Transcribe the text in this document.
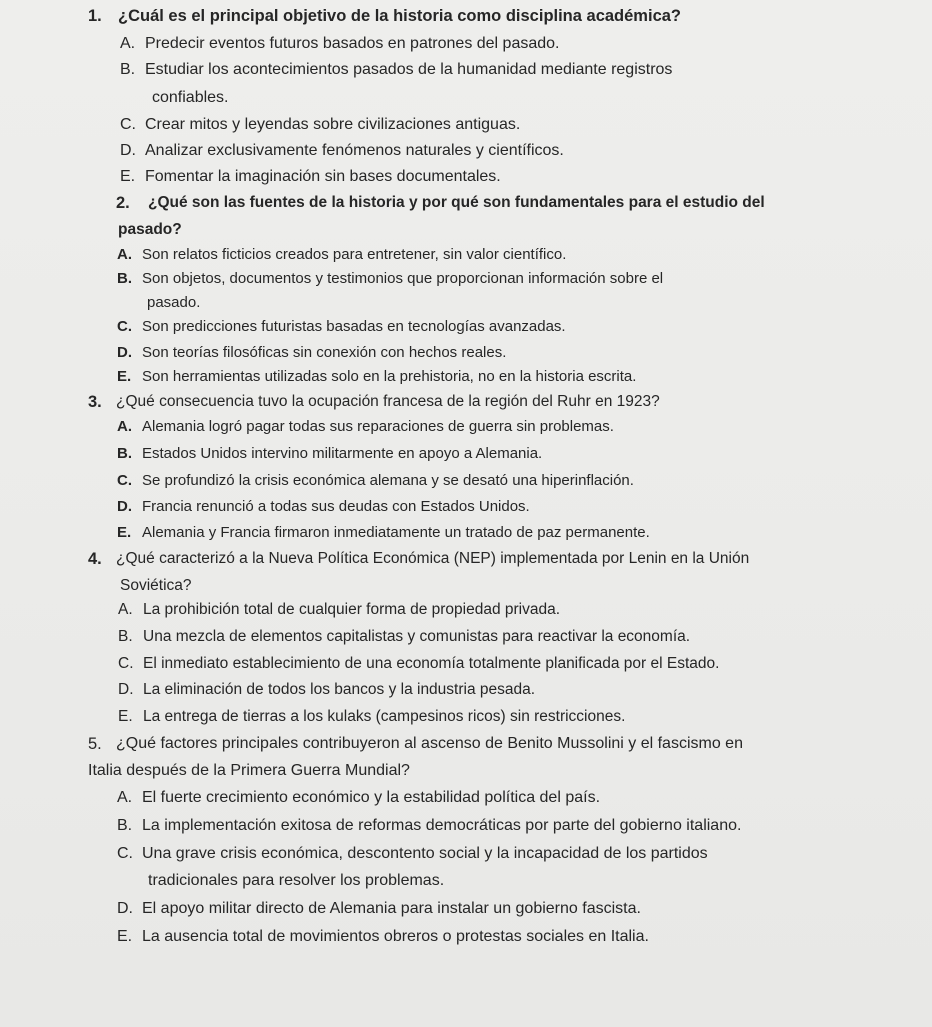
1. ¿Cuál es el principal objetivo de la historia como disciplina académica?
A. Predecir eventos futuros basados en patrones del pasado.
B. Estudiar los acontecimientos pasados de la humanidad mediante registros
confiables.
C. Crear mitos y leyendas sobre civilizaciones antiguas.
D. Analizar exclusivamente fenómenos naturales y científicos.
E. Fomentar la imaginación sin bases documentales.
2. ¿Qué son las fuentes de la historia y por qué son fundamentales para el estudio del
pasado?
A. Son relatos ficticios creados para entretener, sin valor científico.
B. Son objetos, documentos y testimonios que proporcionan información sobre el
pasado.
C. Son predicciones futuristas basadas en tecnologías avanzadas.
D. Son teorías filosóficas sin conexión con hechos reales.
E. Son herramientas utilizadas solo en la prehistoria, no en la historia escrita.
3. ¿Qué consecuencia tuvo la ocupación francesa de la región del Ruhr en 1923?
A. Alemania logró pagar todas sus reparaciones de guerra sin problemas.
B. Estados Unidos intervino militarmente en apoyo a Alemania.
C. Se profundizó la crisis económica alemana y se desató una hiperinflación.
D. Francia renunció a todas sus deudas con Estados Unidos.
E. Alemania y Francia firmaron inmediatamente un tratado de paz permanente.
4. ¿Qué caracterizó a la Nueva Política Económica (NEP) implementada por Lenin en la Unión
Soviética?
A. La prohibición total de cualquier forma de propiedad privada.
B. Una mezcla de elementos capitalistas y comunistas para reactivar la economía.
C. El inmediato establecimiento de una economía totalmente planificada por el Estado.
D. La eliminación de todos los bancos y la industria pesada.
E. La entrega de tierras a los kulaks (campesinos ricos) sin restricciones.
5. ¿Qué factores principales contribuyeron al ascenso de Benito Mussolini y el fascismo en
Italia después de la Primera Guerra Mundial?
A. El fuerte crecimiento económico y la estabilidad política del país.
B. La implementación exitosa de reformas democráticas por parte del gobierno italiano.
C. Una grave crisis económica, descontento social y la incapacidad de los partidos
tradicionales para resolver los problemas.
D. El apoyo militar directo de Alemania para instalar un gobierno fascista.
E. La ausencia total de movimientos obreros o protestas sociales en Italia.
